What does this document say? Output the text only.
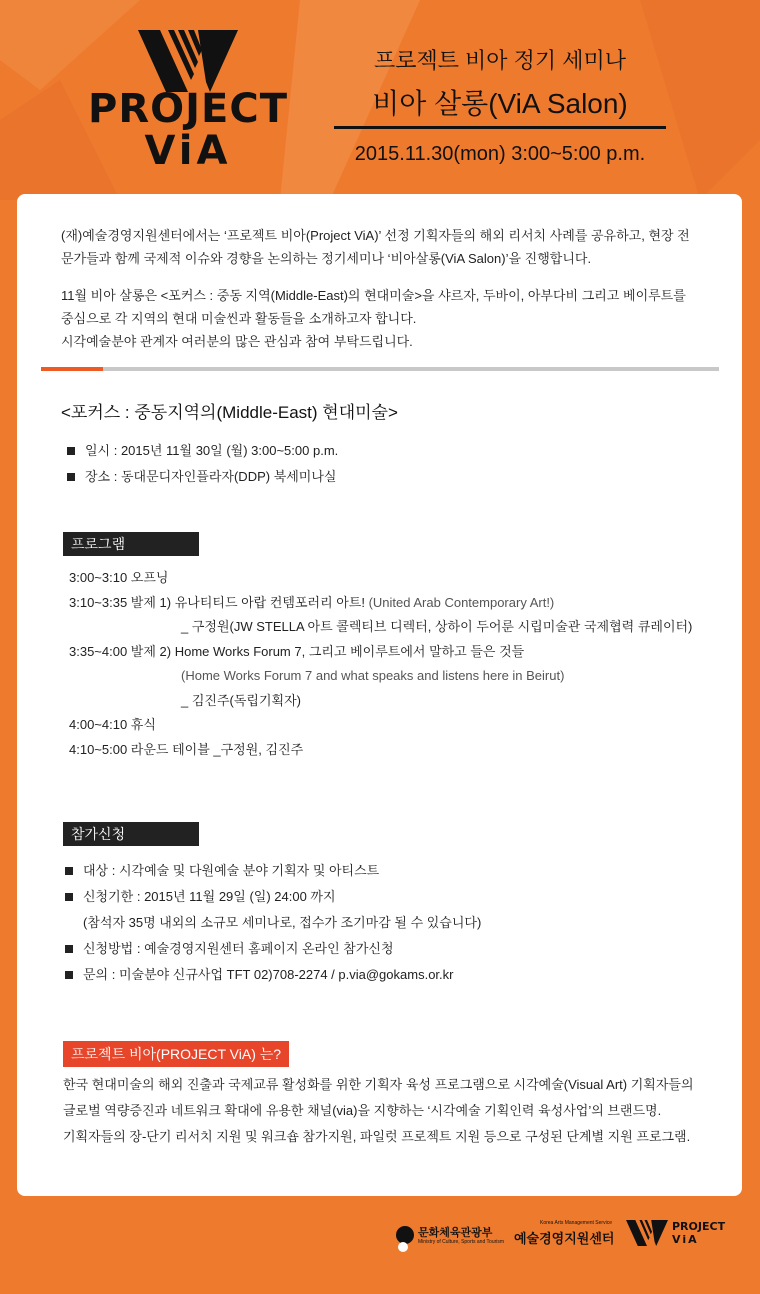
PROJECT
ViA
프로젝트 비아 정기 세미나
비아 살롱(ViA Salon)
2015.11.30(mon) 3:00~5:00 p.m.

(재)예술경영지원센터에서는 ‘프로젝트 비아(Project ViA)’ 선정 기획자들의 해외 리서치 사례를 공유하고, 현장 전문가들과 함께 국제적 이슈와 경향을 논의하는 정기세미나 ‘비아살롱(ViA Salon)’을 진행합니다.

11월 비아 살롱은 <포커스 : 중동 지역(Middle-East)의 현대미술>을 샤르자, 두바이, 아부다비 그리고 베이루트를
중심으로 각 지역의 현대 미술씬과 활동들을 소개하고자 합니다.
시각예술분야 관계자 여러분의 많은 관심과 참여 부탁드립니다.

<포커스 : 중동지역의(Middle-East) 현대미술>
일시 : 2015년 11월 30일 (월) 3:00~5:00 p.m.
장소 : 동대문디자인플라자(DDP) 북세미나실
프로그램
3:00~3:10 오프닝
3:10~3:35 발제 1) 유나티티드 아랍 컨템포러리 아트! (United Arab Contemporary Art!)
_ 구정원(JW STELLA 아트 콜렉티브 디렉터, 상하이 두어룬 시립미술관 국제협력 큐레이터)
3:35~4:00 발제 2) Home Works Forum 7, 그리고 베이루트에서 말하고 들은 것들
(Home Works Forum 7 and what speaks and listens here in Beirut)
_ 김진주(독립기획자)
4:00~4:10 휴식
4:10~5:00 라운드 테이블 _구정원, 김진주
참가신청
대상 : 시각예술 및 다원예술 분야 기획자 및 아티스트
신청기한 : 2015년 11월 29일 (일) 24:00 까지
(참석자 35명 내외의 소규모 세미나로, 접수가 조기마감 될 수 있습니다)
신청방법 : 예술경영지원센터 홈페이지 온라인 참가신청
문의 : 미술분야 신규사업 TFT 02)708-2274 / p.via@gokams.or.kr
프로젝트 비아(PROJECT ViA) 는?
한국 현대미술의 해외 진출과 국제교류 활성화를 위한 기획자 육성 프로그램으로 시각예술(Visual Art) 기획자들의
글로벌 역량증진과 네트워크 확대에 유용한 채널(via)을 지향하는 ‘시각예술 기획인력 육성사업’의 브랜드명.
기획자들의 장-단기 리서치 지원 및 워크숍 참가지원, 파일럿 프로젝트 지원 등으로 구성된 단계별 지원 프로그램.
문화체육관광부
Ministry of Culture, Sports and Tourism
Korea Arts Management Service
예술경영지원센터
PROJECT
ViA
